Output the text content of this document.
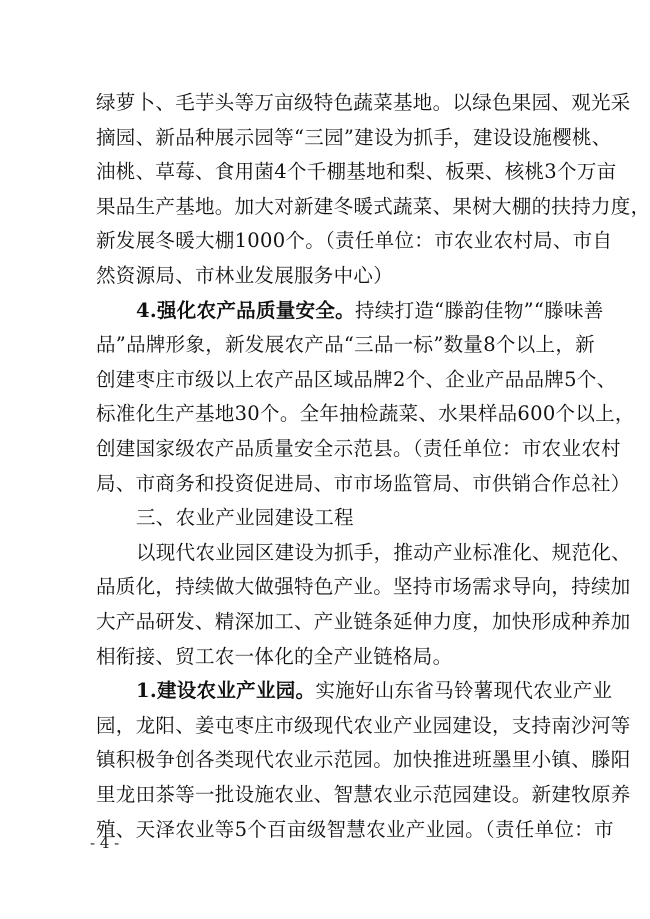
绿萝卜、毛芋头等万亩级特色蔬菜基地。以绿色果园、观光采
摘园、新品种展示园等“三园”建设为抓手，建设设施樱桃、
油桃、草莓、食用菌4个千棚基地和梨、板栗、核桃3个万亩
果品生产基地。加大对新建冬暖式蔬菜、果树大棚的扶持力度，
新发展冬暖大棚1000个。（责任单位：市农业农村局、市自
然资源局、市林业发展服务中心）
4.强化农产品质量安全。持续打造“滕韵佳物”“滕味善
品”品牌形象，新发展农产品“三品一标”数量8个以上，新
创建枣庄市级以上农产品区域品牌2个、企业产品品牌5个、
标准化生产基地30个。全年抽检蔬菜、水果样品600个以上，
创建国家级农产品质量安全示范县。（责任单位：市农业农村
局、市商务和投资促进局、市市场监管局、市供销合作总社）
三、农业产业园建设工程
以现代农业园区建设为抓手，推动产业标准化、规范化、
品质化，持续做大做强特色产业。坚持市场需求导向，持续加
大产品研发、精深加工、产业链条延伸力度，加快形成种养加
相衔接、贸工农一体化的全产业链格局。
1.建设农业产业园。实施好山东省马铃薯现代农业产业
园，龙阳、姜屯枣庄市级现代农业产业园建设，支持南沙河等
镇积极争创各类现代农业示范园。加快推进班墨里小镇、滕阳
里龙田茶等一批设施农业、智慧农业示范园建设。新建牧原养
殖、天泽农业等5个百亩级智慧农业产业园。（责任单位：市
- 4 -
